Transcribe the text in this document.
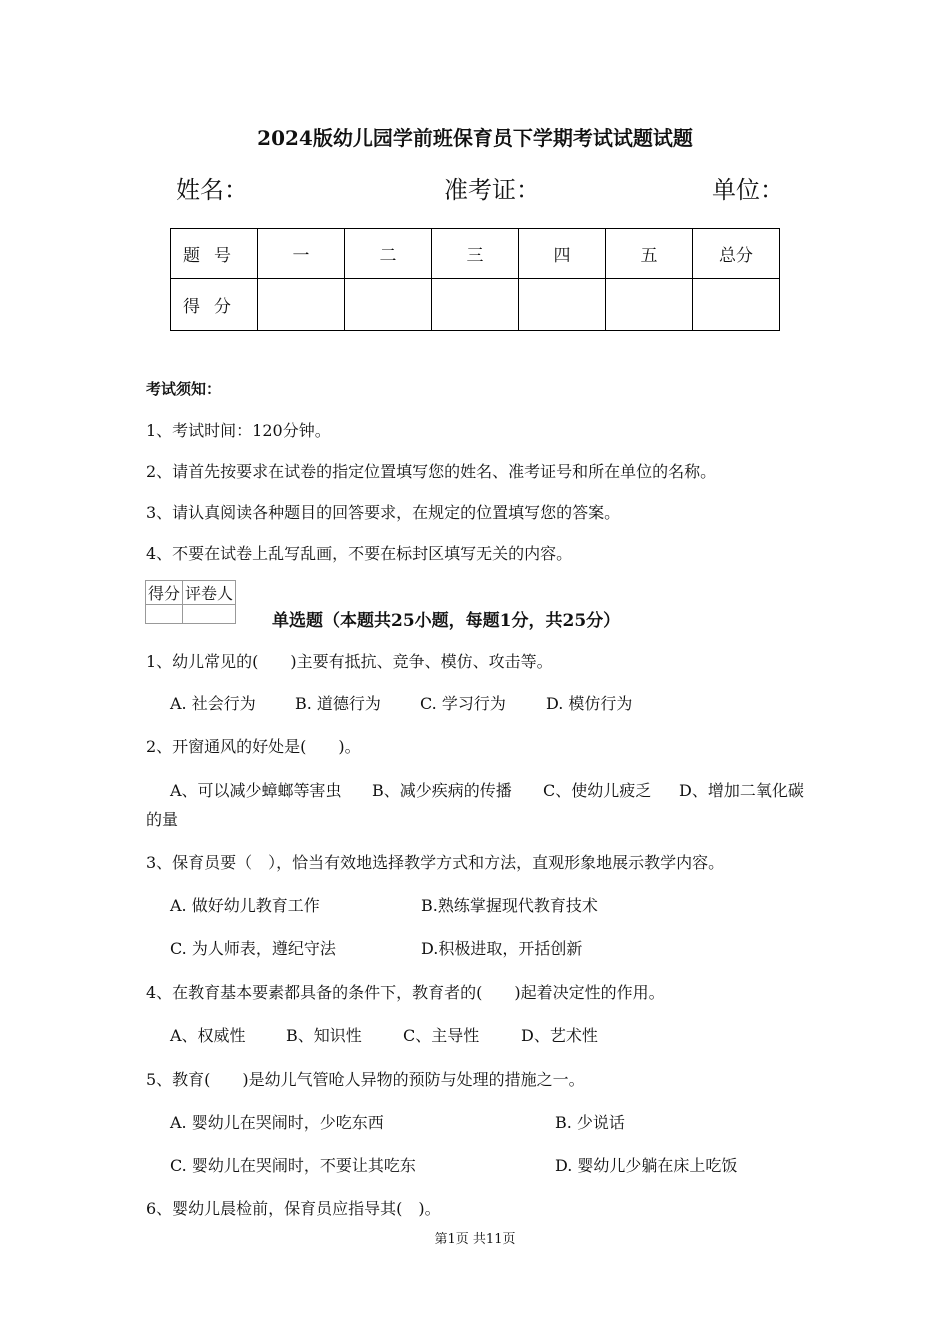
2024版幼儿园学前班保育员下学期考试试题试题
姓名：	准考证：	单位：
题号	一	二	三	四	五	总分
得分						
考试须知：
1、考试时间：120分钟。
2、请首先按要求在试卷的指定位置填写您的姓名、准考证号和所在单位的名称。
3、请认真阅读各种题目的回答要求，在规定的位置填写您的答案。
4、不要在试卷上乱写乱画，不要在标封区填写无关的内容。
得分	评卷人

单选题（本题共25小题，每题1分，共25分）
1、幼儿常见的(　　)主要有抵抗、竞争、模仿、攻击等。
A. 社会行为 B. 道德行为 C. 学习行为	D. 模仿行为
2、开窗通风的好处是(　　)。
A、可以减少蟑螂等害虫 B、减少疾病的传播 C、使幼儿疲乏 D、增加二氧化碳
的量
3、保育员要（　），恰当有效地选择教学方式和方法，直观形象地展示教学内容。
A. 做好幼儿教育工作	B.熟练掌握现代教育技术
C. 为人师表，遵纪守法	D.积极进取，开括创新
4、在教育基本要素都具备的条件下，教育者的(　　)起着决定性的作用。
A、权威性	B、知识性	C、主导性	D、艺术性
5、教育(　　)是幼儿气管呛人异物的预防与处理的措施之一。
A. 婴幼儿在哭闹时，少吃东西	B. 少说话
C. 婴幼儿在哭闹时，不要让其吃东	D. 婴幼儿少躺在床上吃饭
6、婴幼儿晨检前，保育员应指导其(　)。
第1页 共11页
